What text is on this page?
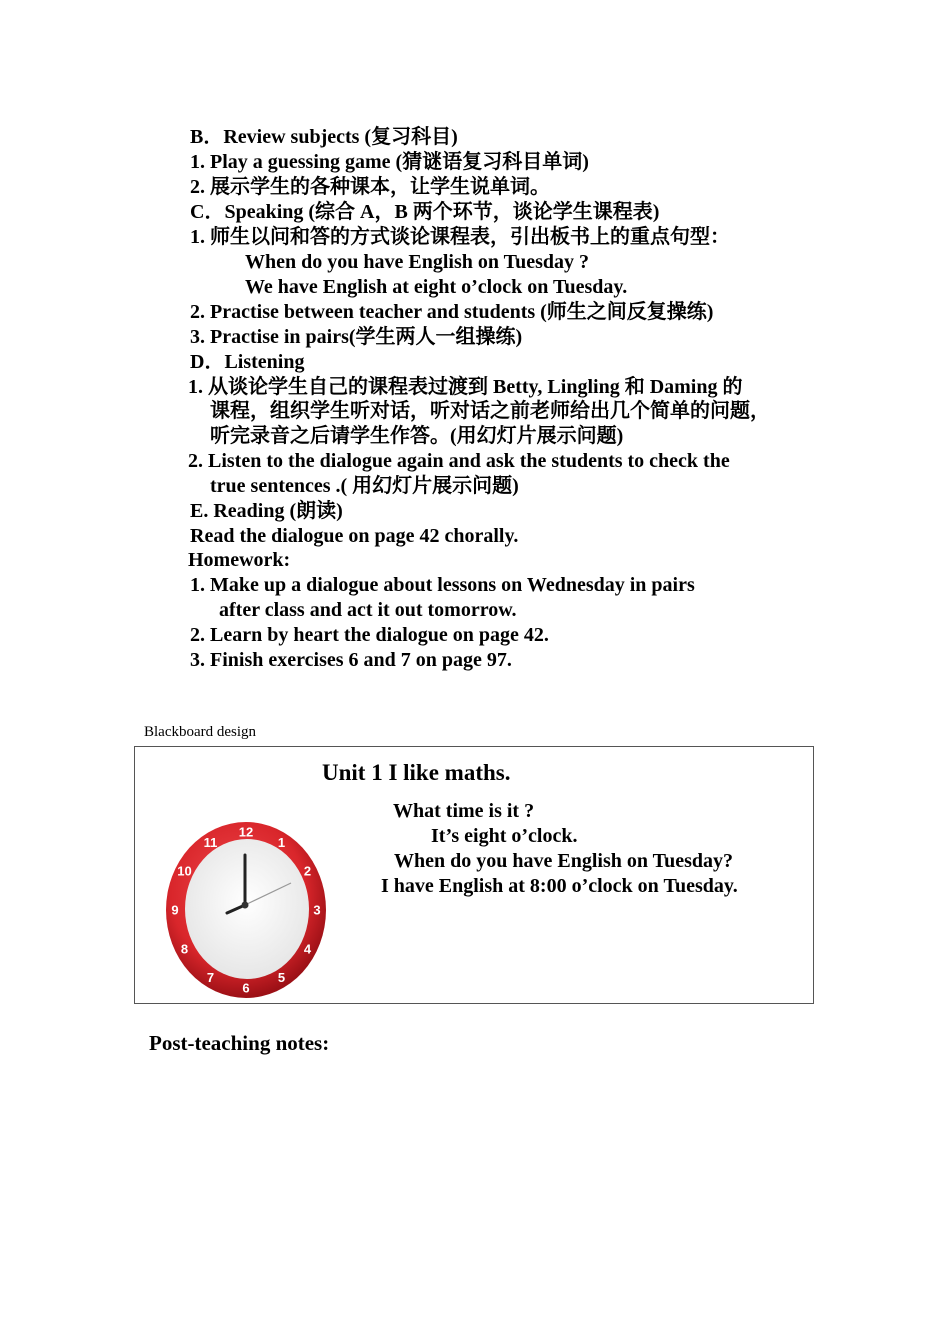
B．Review subjects (复习科目)
1. Play a guessing game (猜谜语复习科目单词)
2. 展示学生的各种课本，让学生说单词。
C．Speaking (综合 A，B 两个环节，谈论学生课程表)
1. 师生以问和答的方式谈论课程表，引出板书上的重点句型：
When do you have English on Tuesday ?
We have English at eight o’clock on Tuesday.
2. Practise between teacher and students (师生之间反复操练)
3. Practise in pairs(学生两人一组操练)
D．Listening
1. 从谈论学生自己的课程表过渡到 Betty, Lingling 和 Daming 的
课程，组织学生听对话，听对话之前老师给出几个简单的问题，
听完录音之后请学生作答。(用幻灯片展示问题)
2. Listen to the dialogue again and ask the students to check the
true sentences .( 用幻灯片展示问题)
E. Reading (朗读)
Read the dialogue on page 42 chorally.
Homework:
1. Make up a dialogue about lessons on Wednesday in pairs
after class and act it out tomorrow.
2. Learn by heart the dialogue on page 42.
3. Finish exercises 6 and 7 on page 97.
Blackboard design
Unit 1 I like maths.
What time is it ?
It’s eight o’clock.
When do you have English on Tuesday?
I have English at 8:00 o’clock on Tuesday.
12
1
2
3
4
5
6
7
8
9
10
11
Post-teaching notes:
